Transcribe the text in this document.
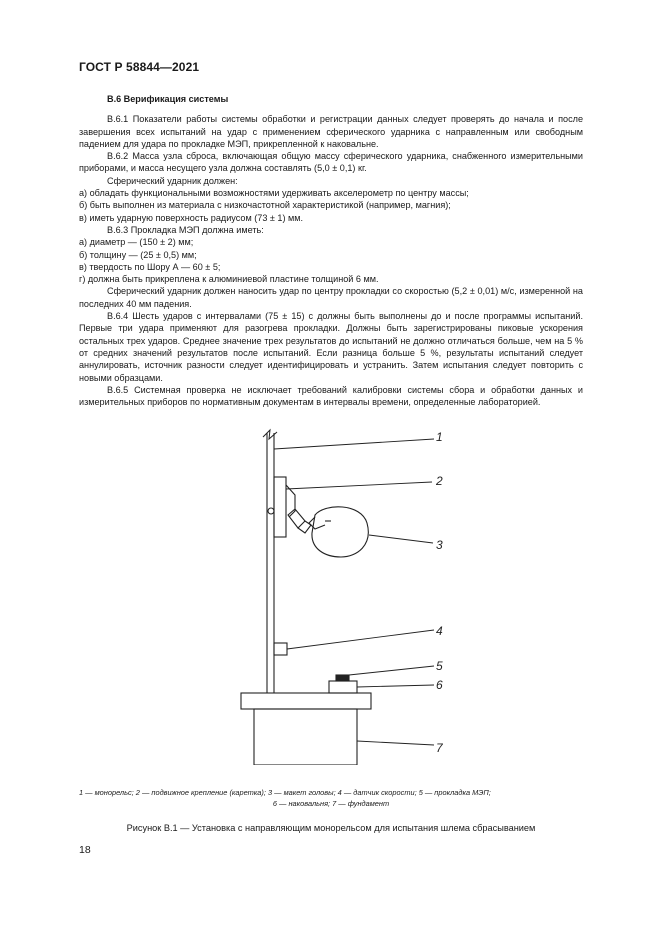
ГОСТ Р 58844—2021
В.6 Верификация системы

В.6.1 Показатели работы системы обработки и регистрации данных следует проверять до начала и после завершения всех испытаний на удар с применением сферического ударника с направленным или свободным падением для удара по прокладке МЭП, прикрепленной к наковальне.

В.6.2 Масса узла сброса, включающая общую массу сферического ударника, снабженного измерительными приборами, и масса несущего узла должна составлять (5,0 ± 0,1) кг.

Сферический ударник должен:

а) обладать функциональными возможностями удерживать акселерометр по центру массы;

б) быть выполнен из материала с низкочастотной характеристикой (например, магния);

в) иметь ударную поверхность радиусом (73 ± 1) мм.

В.6.3 Прокладка МЭП должна иметь:

а) диаметр — (150 ± 2) мм;

б) толщину — (25 ± 0,5) мм;

в) твердость по Шору А — 60 ± 5;

г) должна быть прикреплена к алюминиевой пластине толщиной 6 мм.

Сферический ударник должен наносить удар по центру прокладки со скоростью (5,2 ± 0,01) м/с, измеренной на последних 40 мм падения.

В.6.4 Шесть ударов с интервалами (75 ± 15) с должны быть выполнены до и после программы испытаний. Первые три удара применяют для разогрева прокладки. Должны быть зарегистрированы пиковые ускорения остальных трех ударов. Среднее значение трех результатов до испытаний не должно отличаться больше, чем на 5 % от средних значений результатов после испытаний. Если разница больше 5 %, результаты испытаний следует аннулировать, источник разности следует идентифицировать и устранить. Затем испытания следует повторить с новыми образцами.

В.6.5 Системная проверка не исключает требований калибровки системы сбора и обработки данных и измерительных приборов по нормативным документам в интервалы времени, определенные лабораторией.

1
2
3
4
5
6
7
1 — монорельс; 2 — подвижное крепление (каретка); 3 — макет головы; 4 — датчик скорости; 5 — прокладка МЭП;
6 — наковальня; 7 — фундамент
Рисунок В.1 — Установка с направляющим монорельсом для испытания шлема сбрасыванием
18
